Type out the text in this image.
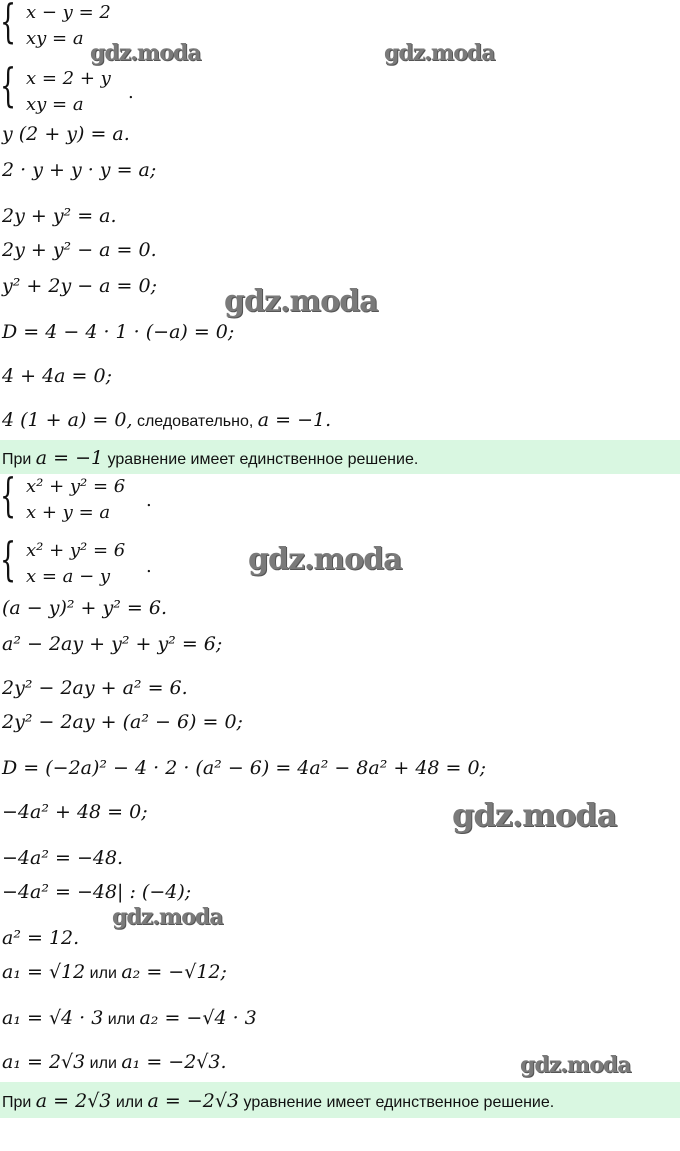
{ x − y = 2
xy = a
{ x = 2 + y
xy = a
.
y (2 + y) = a.
2 · y + y · y = a;
2y + y² = a.
2y + y² − a = 0.
y² + 2y − a = 0;
D = 4 − 4 · 1 · (−a) = 0;
4 + 4a = 0;
4 (1 + a) = 0, следовательно, a = −1.
При a = −1 уравнение имеет единственное решение.
{ x² + y² = 6
x + y = a
.
{ x² + y² = 6
x = a − y .
(a − y)² + y² = 6.
a² − 2ay + y² + y² = 6;
2y² − 2ay + a² = 6.
2y² − 2ay + (a² − 6) = 0;
D = (−2a)² − 4 · 2 · (a² − 6) = 4a² − 8a² + 48 = 0;
−4a² + 48 = 0;
−4a² = −48.
−4a² = −48| : (−4);
a² = 12.
a₁ = √12 или a₂ = −√12;
a₁ = √4 · 3 или a₂ = −√4 · 3
a₁ = 2√3 или a₁ = −2√3.
При a = 2√3 или a = −2√3 уравнение имеет единственное решение.
gdz.moda	gdz.moda
gdz.moda
gdz.moda
gdz.moda
gdz.moda
gdz.moda
